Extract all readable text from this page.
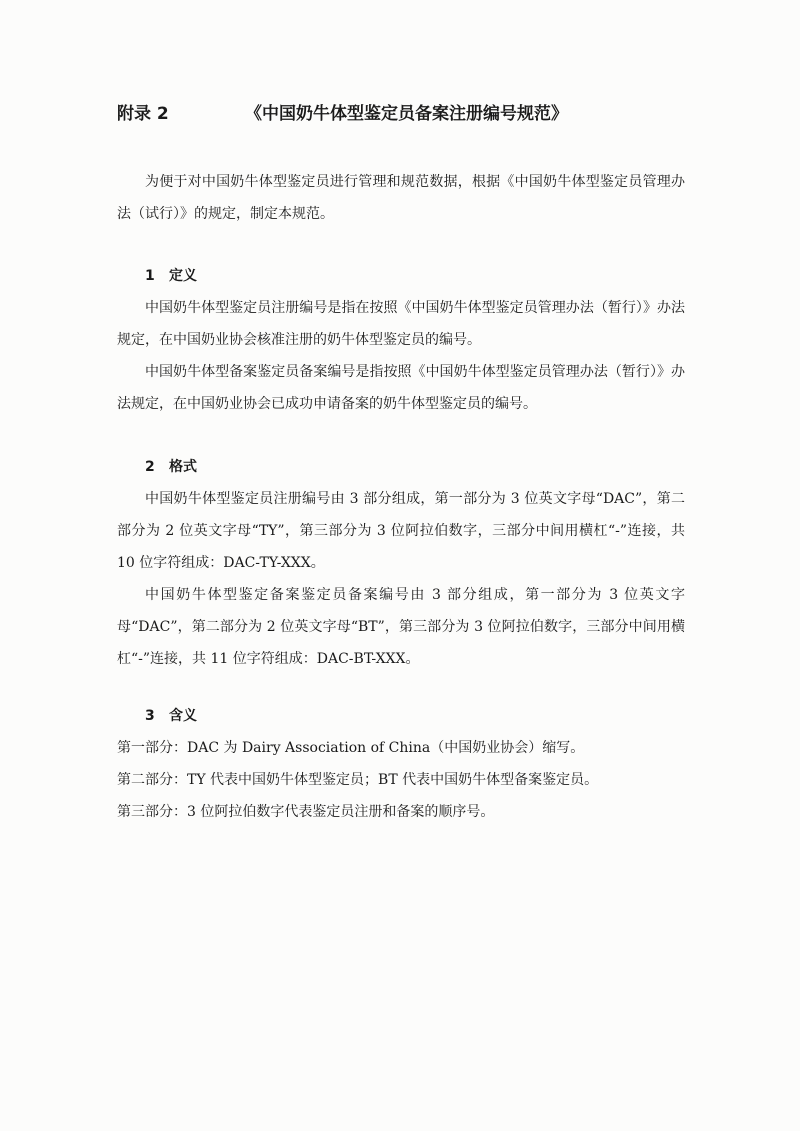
附录 2	《中国奶牛体型鉴定员备案注册编号规范》

为便于对中国奶牛体型鉴定员进行管理和规范数据，根据《中国奶牛体型鉴定员管理办法（试行）》的规定，制定本规范。

1 定义

中国奶牛体型鉴定员注册编号是指在按照《中国奶牛体型鉴定员管理办法（暂行）》办法规定，在中国奶业协会核准注册的奶牛体型鉴定员的编号。

中国奶牛体型备案鉴定员备案编号是指按照《中国奶牛体型鉴定员管理办法（暂行）》办法规定，在中国奶业协会已成功申请备案的奶牛体型鉴定员的编号。

2 格式

中国奶牛体型鉴定员注册编号由 3 部分组成，第一部分为 3 位英文字母“DAC”，第二部分为 2 位英文字母“TY”，第三部分为 3 位阿拉伯数字，三部分中间用横杠“-”连接，共 10 位字符组成：DAC-TY-XXX。

中国奶牛体型鉴定备案鉴定员备案编号由 3 部分组成，第一部分为 3 位英文字母“DAC”，第二部分为 2 位英文字母“BT”，第三部分为 3 位阿拉伯数字，三部分中间用横杠“-”连接，共 11 位字符组成：DAC-BT-XXX。

3 含义

第一部分：DAC 为 Dairy Association of China（中国奶业协会）缩写。

第二部分：TY 代表中国奶牛体型鉴定员；BT 代表中国奶牛体型备案鉴定员。

第三部分：3 位阿拉伯数字代表鉴定员注册和备案的顺序号。
